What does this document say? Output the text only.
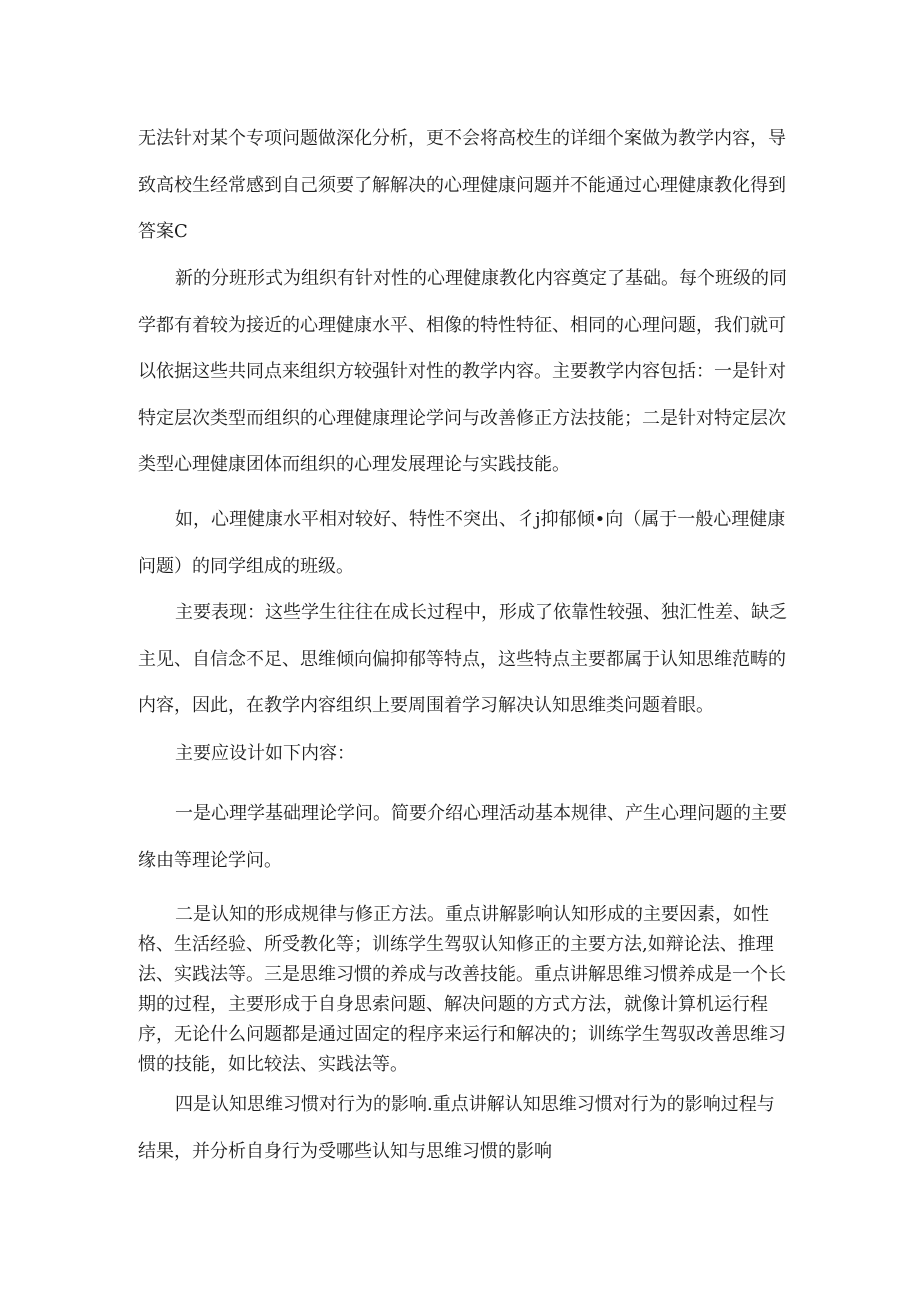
无法针对某个专项问题做深化分析，更不会将高校生的详细个案做为教学内容，导致高校生经常感到自己须要了解解决的心理健康问题并不能通过心理健康教化得到答案C

新的分班形式为组织有针对性的心理健康教化内容奠定了基础。每个班级的同学都有着较为接近的心理健康水平、相像的特性特征、相同的心理问题，我们就可以依据这些共同点来组织方较强针对性的教学内容。主要教学内容包括：一是针对特定层次类型而组织的心理健康理论学问与改善修正方法技能；二是针对特定层次类型心理健康团体而组织的心理发展理论与实践技能。

如，心理健康水平相对较好、特性不突出、彳j抑郁倾•向（属于一般心理健康问题）的同学组成的班级。

主要表现：这些学生往往在成长过程中，形成了依靠性较强、独汇性差、缺乏主见、自信念不足、思维倾向偏抑郁等特点，这些特点主要都属于认知思维范畴的内容，因此，在教学内容组织上要周围着学习解决认知思维类问题着眼。

主要应设计如下内容：

一是心理学基础理论学问。简要介绍心理活动基本规律、产生心理问题的主要缘由等理论学问。

二是认知的形成规律与修正方法。重点讲解影响认知形成的主要因素，如性格、生活经验、所受教化等；训练学生驾驭认知修正的主要方法,如辩论法、推理法、实践法等。三是思维习惯的养成与改善技能。重点讲解思维习惯养成是一个长期的过程，主要形成于自身思索问题、解决问题的方式方法，就像计算机运行程序，无论什么问题都是通过固定的程序来运行和解决的；训练学生驾驭改善思维习惯的技能，如比较法、实践法等。

四是认知思维习惯对行为的影响.重点讲解认知思维习惯对行为的影响过程与结果，并分析自身行为受哪些认知与思维习惯的影响
